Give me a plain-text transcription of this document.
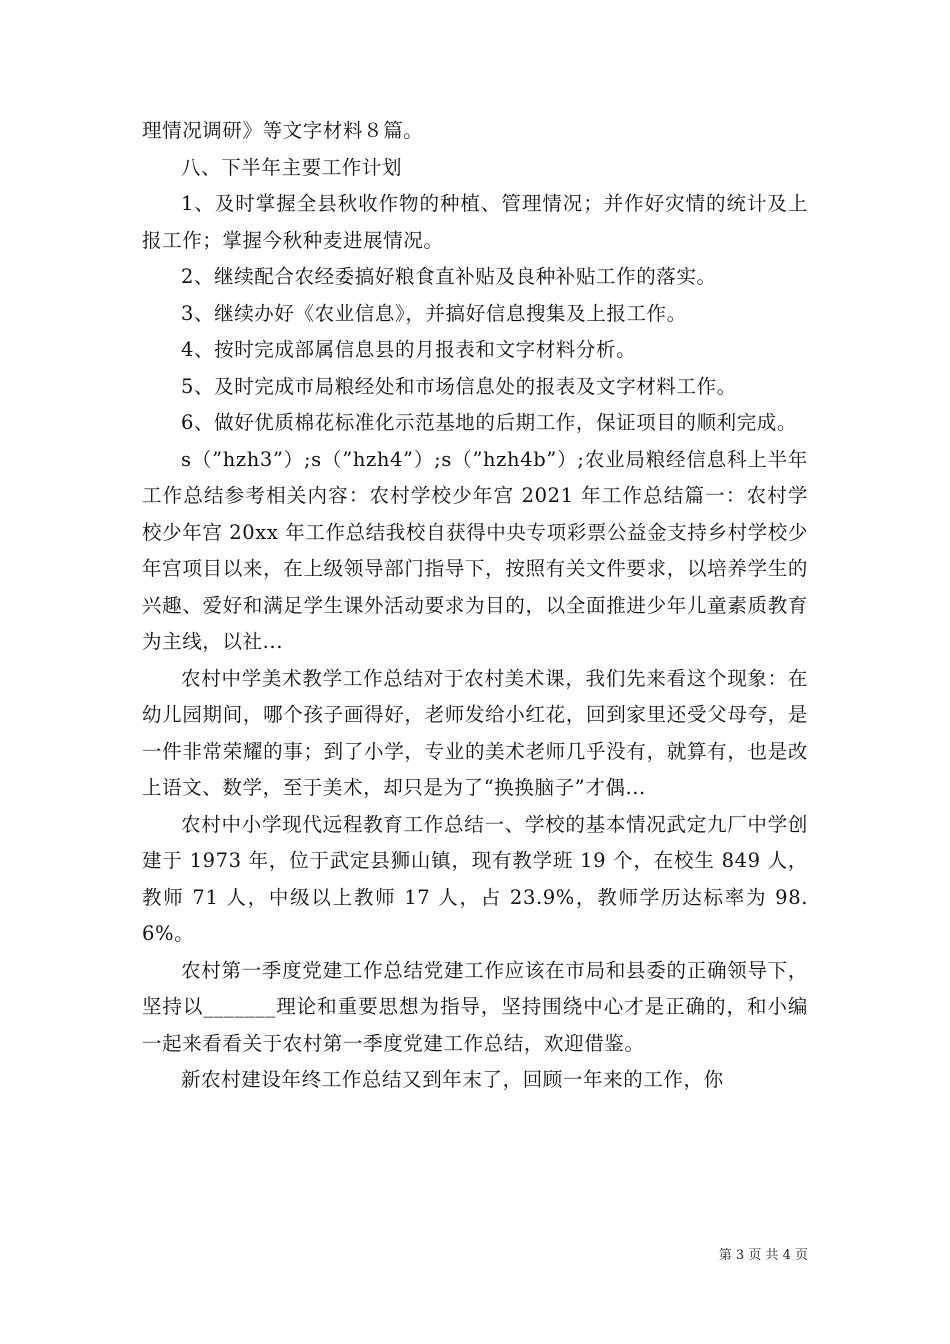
理情况调研》等文字材料８篇。

八、下半年主要工作计划

1、及时掌握全县秋收作物的种植、管理情况；并作好灾情的统计及上报工作；掌握今秋种麦进展情况。

2、继续配合农经委搞好粮食直补贴及良种补贴工作的落实。

3、继续办好《农业信息》，并搞好信息搜集及上报工作。

4、按时完成部属信息县的月报表和文字材料分析。

5、及时完成市局粮经处和市场信息处的报表及文字材料工作。

6、做好优质棉花标准化示范基地的后期工作，保证项目的顺利完成。

s（”hzh3”）;s（”hzh4”）;s（”hzh4b”）;农业局粮经信息科上半年工作总结参考相关内容：农村学校少年宫 2021 年工作总结篇一：农村学校少年宫 20xx 年工作总结我校自获得中央专项彩票公益金支持乡村学校少年宫项目以来，在上级领导部门指导下，按照有关文件要求，以培养学生的兴趣、爱好和满足学生课外活动要求为目的，以全面推进少年儿童素质教育为主线，以社...

农村中学美术教学工作总结对于农村美术课，我们先来看这个现象：在幼儿园期间，哪个孩子画得好，老师发给小红花，回到家里还受父母夸，是一件非常荣耀的事；到了小学，专业的美术老师几乎没有，就算有，也是改上语文、数学，至于美术，却只是为了“换换脑子”才偶...

农村中小学现代远程教育工作总结一、学校的基本情况武定九厂中学创建于 1973 年，位于武定县狮山镇，现有教学班 19 个，在校生 849 人，教师 71 人，中级以上教师 17 人，占 23.9%，教师学历达标率为 98.6%。

农村第一季度党建工作总结党建工作应该在市局和县委的正确领导下，坚持以_______理论和重要思想为指导，坚持围绕中心才是正确的，和小编一起来看看关于农村第一季度党建工作总结，欢迎借鉴。

新农村建设年终工作总结又到年末了，回顾一年来的工作，你

第 3 页 共 4 页
